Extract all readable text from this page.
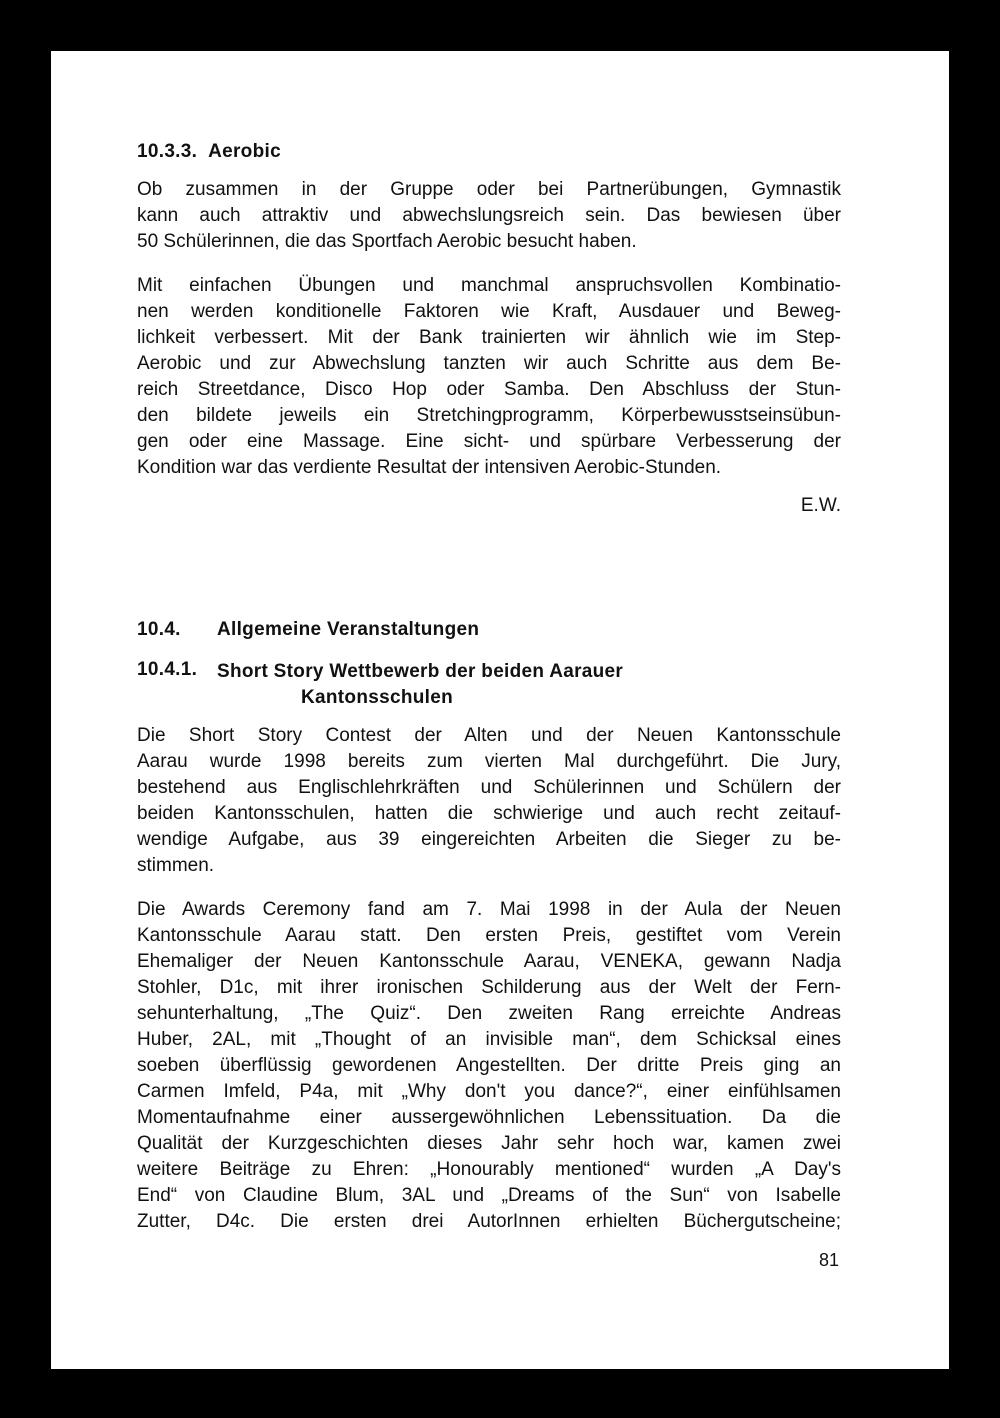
10.3.3. Aerobic
Ob zusammen in der Gruppe oder bei Partnerübungen, Gymnastik
kann auch attraktiv und abwechslungsreich sein. Das bewiesen über
50 Schülerinnen, die das Sportfach Aerobic besucht haben.
Mit einfachen Übungen und manchmal anspruchsvollen Kombinatio-
nen werden konditionelle Faktoren wie Kraft, Ausdauer und Beweg-
lichkeit verbessert. Mit der Bank trainierten wir ähnlich wie im Step-
Aerobic und zur Abwechslung tanzten wir auch Schritte aus dem Be-
reich Streetdance, Disco Hop oder Samba. Den Abschluss der Stun-
den bildete jeweils ein Stretchingprogramm, Körperbewusstseinsübun-
gen oder eine Massage. Eine sicht- und spürbare Verbesserung der
Kondition war das verdiente Resultat der intensiven Aerobic-Stunden.
E.W.
10.4.	Allgemeine Veranstaltungen
10.4.1.	Short Story Wettbewerb der beiden Aarauer
Kantonsschulen
Die Short Story Contest der Alten und der Neuen Kantonsschule
Aarau wurde 1998 bereits zum vierten Mal durchgeführt. Die Jury,
bestehend aus Englischlehrkräften und Schülerinnen und Schülern der
beiden Kantonsschulen, hatten die schwierige und auch recht zeitauf-
wendige Aufgabe, aus 39 eingereichten Arbeiten die Sieger zu be-
stimmen.
Die Awards Ceremony fand am 7. Mai 1998 in der Aula der Neuen
Kantonsschule Aarau statt. Den ersten Preis, gestiftet vom Verein
Ehemaliger der Neuen Kantonsschule Aarau, VENEKA, gewann Nadja
Stohler, D1c, mit ihrer ironischen Schilderung aus der Welt der Fern-
sehunterhaltung, „The Quiz“. Den zweiten Rang erreichte Andreas
Huber, 2AL, mit „Thought of an invisible man“, dem Schicksal eines
soeben überflüssig gewordenen Angestellten. Der dritte Preis ging an
Carmen Imfeld, P4a, mit „Why don't you dance?“, einer einfühlsamen
Momentaufnahme einer aussergewöhnlichen Lebenssituation. Da die
Qualität der Kurzgeschichten dieses Jahr sehr hoch war, kamen zwei
weitere Beiträge zu Ehren: „Honourably mentioned“ wurden „A Day's
End“ von Claudine Blum, 3AL und „Dreams of the Sun“ von Isabelle
Zutter, D4c. Die ersten drei AutorInnen erhielten Büchergutscheine;
81
